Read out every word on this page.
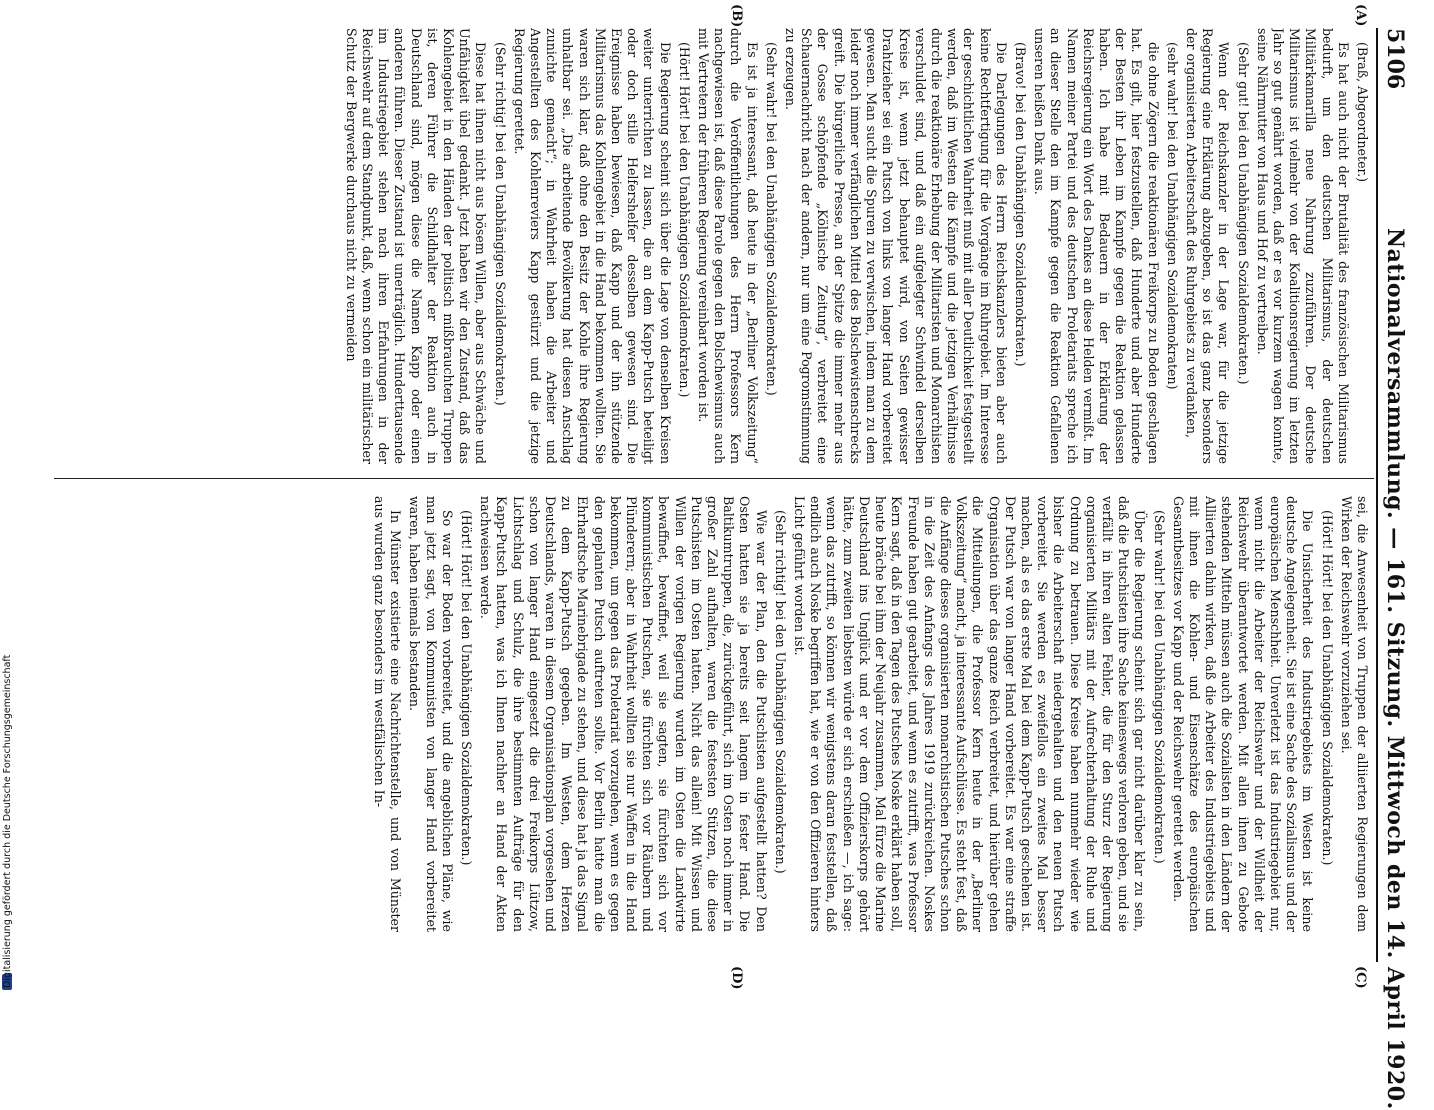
5106
Nationalversammlung. — 161. Sitzung. Mittwoch den 14. April 1920.
(A)
(B)
(C)
(D)

(Braß, Abgeordneter.)

Es hat auch nicht der Brutalität des französischen Militarismus bedurft, um den deutschen Militarismus, der deutschen Militärkamarilla neue Nahrung zuzuführen. Der deutsche Militarismus ist vielmehr von der Koalitionsregierung im letzten Jahr so gut genährt worden, daß er es vor kurzem wagen konnte, seine Nährmutter von Haus und Hof zu vertreiben.

(Sehr gut! bei den Unabhängigen Sozialdemokraten.)

Wenn der Reichskanzler in der Lage war, für die jetzige Regierung eine Erklärung abzugeben, so ist das ganz besonders der organisierten Arbeiterschaft des Ruhrgebiets zu verdanken,

(sehr wahr! bei den Unabhängigen Sozialdemokraten)

die ohne Zögern die reaktionären Freikorps zu Boden geschlagen hat. Es gilt, hier festzustellen, daß Hunderte und aber Hunderte der Besten ihr Leben im Kampfe gegen die Reaktion gelassen haben. Ich habe mit Bedauern in der Erklärung der Reichsregierung ein Wort des Dankes an diese Helden vermißt. Im Namen meiner Partei und des deutschen Proletariats spreche ich an dieser Stelle den im Kampfe gegen die Reaktion Gefallenen unseren heißen Dank aus.

(Bravo! bei den Unabhängigen Sozialdemokraten.)

Die Darlegungen des Herrn Reichskanzlers bieten aber auch keine Rechtfertigung für die Vorgänge im Ruhrgebiet. Im Interesse der geschichtlichen Wahrheit muß mit aller Deutlichkeit festgestellt werden, daß im Westen die Kämpfe und die jetzigen Verhältnisse durch die reaktionäre Erhebung der Militaristen und Monarchisten verschuldet sind, und daß ein aufgelegter Schwindel derselben Kreise ist, wenn jetzt behauptet wird, von Seiten gewisser Drahtzieher sei ein Putsch von links von langer Hand vorbereitet gewesen. Man sucht die Spuren zu verwischen, indem man zu dem leider noch immer verfänglichen Mittel des Bolschewistenschrecks greift. Die bürgerliche Presse, an der Spitze die immer mehr aus der Gosse schöpfende „Kölnische Zeitung“, verbreitet eine Schauernachricht nach der andern, nur um eine Pogromstimmung zu erzeugen.

(Sehr wahr! bei den Unabhängigen Sozialdemokraten.)

Es ist ja interessant, daß heute in der „Berliner Volkszeitung“ durch die Veröffentlichungen des Herrn Professors Kern nachgewiesen ist, daß diese Parole gegen den Bolschewismus auch mit Vertretern der früheren Regierung vereinbart worden ist.

(Hört! Hört! bei den Unabhängigen Sozialdemokraten.)

Die Regierung scheint sich über die Lage von denselben Kreisen weiter unterrichten zu lassen, die an dem Kapp-Putsch beteiligt oder doch stille Helfershelfer desselben gewesen sind. Die Ereignisse haben bewiesen, daß Kapp und der ihn stützende Militarismus das Kohlengebiet in die Hand bekommen wollten. Sie waren sich klar, daß ohne den Besitz der Kohle ihre Regierung unhaltbar sei. „Die arbeitende Bevölkerung hat diesen Anschlag zunichte gemacht“; in Wahrheit haben die Arbeiter und Angestellten des Kohlenreviers Kapp gestürzt und die jetzige Regierung gerettet.

(Sehr richtig! bei den Unabhängigen Sozialdemokraten.)

Diese hat ihnen nicht aus bösem Willen, aber aus Schwäche und Unfähigkeit übel gedankt. Jetzt haben wir den Zustand, daß das Kohlengebiet in den Händen der politisch mißbrauchten Truppen ist, deren Führer die Schildhalter der Reaktion auch in Deutschland sind, mögen diese die Namen Kapp oder einen anderen führen. Dieser Zustand ist unerträglich. Hunderttausende im Industriegebiet stehen nach ihren Erfahrungen in der Reichswehr auf dem Standpunkt, daß, wenn schon ein militärischer Schutz der Bergwerke durchaus nicht zu vermeiden

sei, die Anwesenheit von Truppen der alliierten Regierungen dem Wirken der Reichswehr vorzuziehen sei.

(Hört! Hört! bei den Unabhängigen Sozialdemokraten.)

Die Unsicherheit des Industriegebiets im Westen ist keine deutsche Angelegenheit. Sie ist eine Sache des Sozialismus und der europäischen Menschheit. Unverletzt ist das Industriegebiet nur, wenn nicht die Arbeiter der Reichswehr und der Wildheit der Reichswehr überantwortet werden. Mit allen ihnen zu Gebote stehenden Mitteln müssen auch die Sozialisten in den Ländern der Alliierten dahin wirken, daß die Arbeiter des Industriegebiets und mit ihnen die Kohlen- und Eisenschätze des europäischen Gesamtbesitzes vor Kapp und der Reichswehr gerettet werden.

(Sehr wahr! bei den Unabhängigen Sozialdemokraten.)

Über die Regierung scheint sich gar nicht darüber klar zu sein, daß die Putschisten ihre Sache keineswegs verloren geben, und sie verfällt in ihren alten Fehler, die für den Sturz der Regierung organisierten Militärs mit der Aufrechterhaltung der Ruhe und Ordnung zu betrauen. Diese Kreise haben nunmehr wieder wie bisher die Arbeiterschaft niedergehalten und den neuen Putsch vorbereitet. Sie werden es zweifellos ein zweites Mal besser machen, als es das erste Mal bei dem Kapp-Putsch geschehen ist. Der Putsch war von langer Hand vorbereitet. Es war eine straffe Organisation über das ganze Reich verbreitet, und hierüber gehen die Mitteilungen, die Professor Kern heute in der „Berliner Volkszeitung“ macht, ja interessante Aufschlüsse. Es steht fest, daß die Anfänge dieses organisierten monarchistischen Putsches schon in die Zeit des Anfangs des Jahres 1919 zurückreichen. Noskes Freunde haben gut gearbeitet, und wenn es zutrifft, was Professor Kern sagt, daß in den Tagen des Putsches Noske erklärt haben soll, heute bräche bei ihm der Neujahr zusammen, Mal fürze die Marine Deutschland ins Unglück und er vor dem Offizierskorps gehört hätte, zum zweiten liebsten würde er sich erschießen —, ich sage: wenn das zutrifft, so können wir wenigstens daran feststellen, daß endlich auch Noske begriffen hat, wie er von den Offizieren hinters Licht geführt worden ist.

(Sehr richtig! bei den Unabhängigen Sozialdemokraten.)

Wie war der Plan, den die Putschisten aufgestellt hatten? Den Osten hatten sie ja bereits seit langem in fester Hand. Die Baltikumtruppen, die, zurückgeführt, sich im Osten noch immer in großer Zahl aufhalten, waren die festesten Stützen, die diese Putschisten im Osten hatten. Nicht das allein! Mit Wissen und Willen der vorigen Regierung wurden im Osten die Landwirte bewaffnet, bewaffnet, weil sie sagten, sie fürchten sich vor kommunistischen Putschen, sie fürchten sich vor Räubern und Plünderern; aber in Wahrheit wollten sie nur Waffen in die Hand bekommen, um gegen das Proletariat vorzugehen, wenn es gegen den geplanten Putsch auftreten sollte. Vor Berlin hatte man die Ehrhardtsche Marinebrigade zu stehen, und diese hat ja das Signal zu dem Kapp-Putsch gegeben. Im Westen, dem Herzen Deutschlands, waren in diesem Organisationsplan vorgesehen und schon von langer Hand eingesetzt die drei Freikorps Lützow, Lichtschlag und Schulz, die ihre bestimmten Aufträge für den Kapp-Putsch hatten, was ich Ihnen nachher an Hand der Akten nachweisen werde.

(Hört! Hört! bei den Unabhängigen Sozialdemokraten.)

So war der Boden vorbereitet, und die angeblichen Pläne, wie man jetzt sagt, von Kommunisten von langer Hand vorbereitet waren, haben niemals bestanden.

In Münster existierte eine Nachrichtenstelle, und von Münster aus wurden ganz besonders im westfälischen In-

Digitalisierung gefördert durch die Deutsche Forschungsgemeinschaft
